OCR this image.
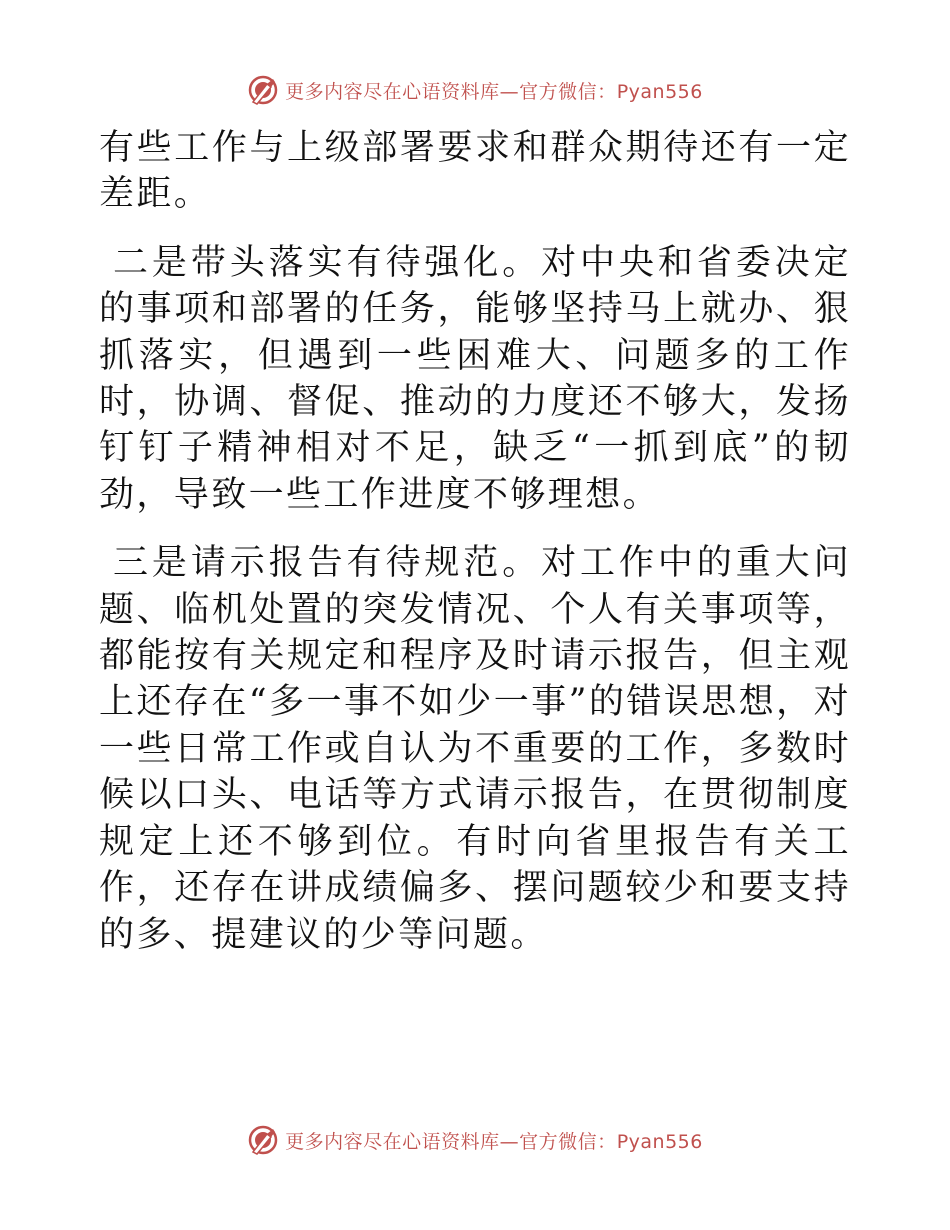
更多内容尽在心语资料库—官方微信：Pyan556

有些工作与上级部署要求和群众期待还有一定差距。

二是带头落实有待强化。对中央和省委决定的事项和部署的任务，能够坚持马上就办、狠抓落实，但遇到一些困难大、问题多的工作时，协调、督促、推动的力度还不够大，发扬钉钉子精神相对不足，缺乏“一抓到底”的韧劲，导致一些工作进度不够理想。

三是请示报告有待规范。对工作中的重大问题、临机处置的突发情况、个人有关事项等，都能按有关规定和程序及时请示报告，但主观上还存在“多一事不如少一事”的错误思想，对一些日常工作或自认为不重要的工作，多数时候以口头、电话等方式请示报告，在贯彻制度规定上还不够到位。有时向省里报告有关工作，还存在讲成绩偏多、摆问题较少和要支持的多、提建议的少等问题。

更多内容尽在心语资料库—官方微信：Pyan556
